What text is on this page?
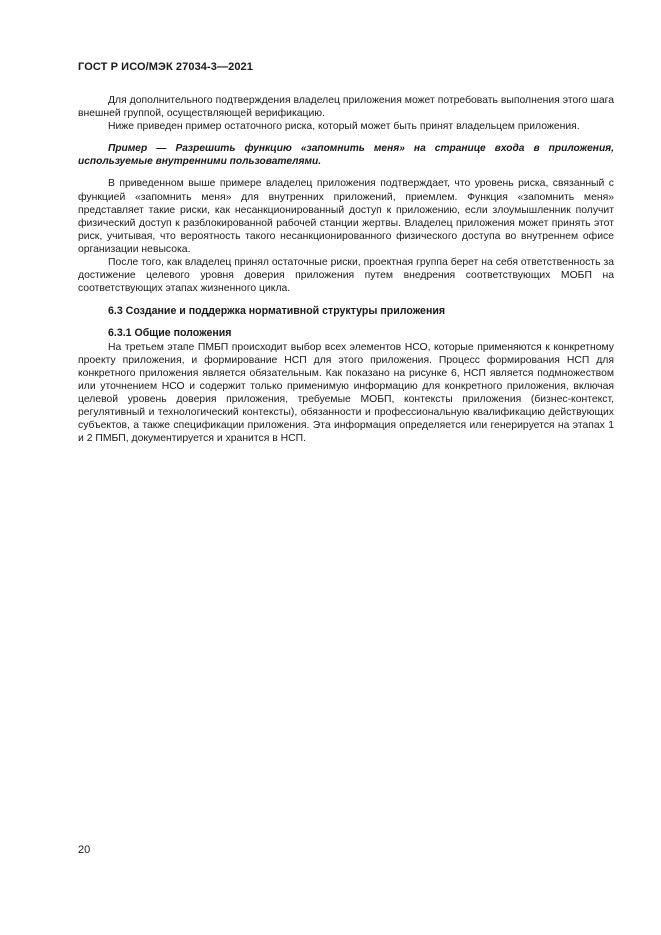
ГОСТ Р ИСО/МЭК 27034-3—2021

Для дополнительного подтверждения владелец приложения может потребовать выполнения этого шага внешней группой, осуществляющей верификацию.

Ниже приведен пример остаточного риска, который может быть принят владельцем приложения.

Пример — Разрешить функцию «запомнить меня» на странице входа в приложения, используемые внутренними пользователями.

В приведенном выше примере владелец приложения подтверждает, что уровень риска, связанный с функцией «запомнить меня» для внутренних приложений, приемлем. Функция «запомнить меня» представляет такие риски, как несанкционированный доступ к приложению, если злоумышленник получит физический доступ к разблокированной рабочей станции жертвы. Владелец приложения может принять этот риск, учитывая, что вероятность такого несанкционированного физического доступа во внутреннем офисе организации невысока.

После того, как владелец принял остаточные риски, проектная группа берет на себя ответственность за достижение целевого уровня доверия приложения путем внедрения соответствующих МОБП на соответствующих этапах жизненного цикла.

6.3 Создание и поддержка нормативной структуры приложения
6.3.1 Общие положения

На третьем этапе ПМБП происходит выбор всех элементов НСО, которые применяются к конкретному проекту приложения, и формирование НСП для этого приложения. Процесс формирования НСП для конкретного приложения является обязательным. Как показано на рисунке 6, НСП является подмножеством или уточнением НСО и содержит только применимую информацию для конкретного приложения, включая целевой уровень доверия приложения, требуемые МОБП, контексты приложения (бизнес-контекст, регулятивный и технологический контексты), обязанности и профессиональную квалификацию действующих субъектов, а также спецификации приложения. Эта информация определяется или генерируется на этапах 1 и 2 ПМБП, документируется и хранится в НСП.

20
